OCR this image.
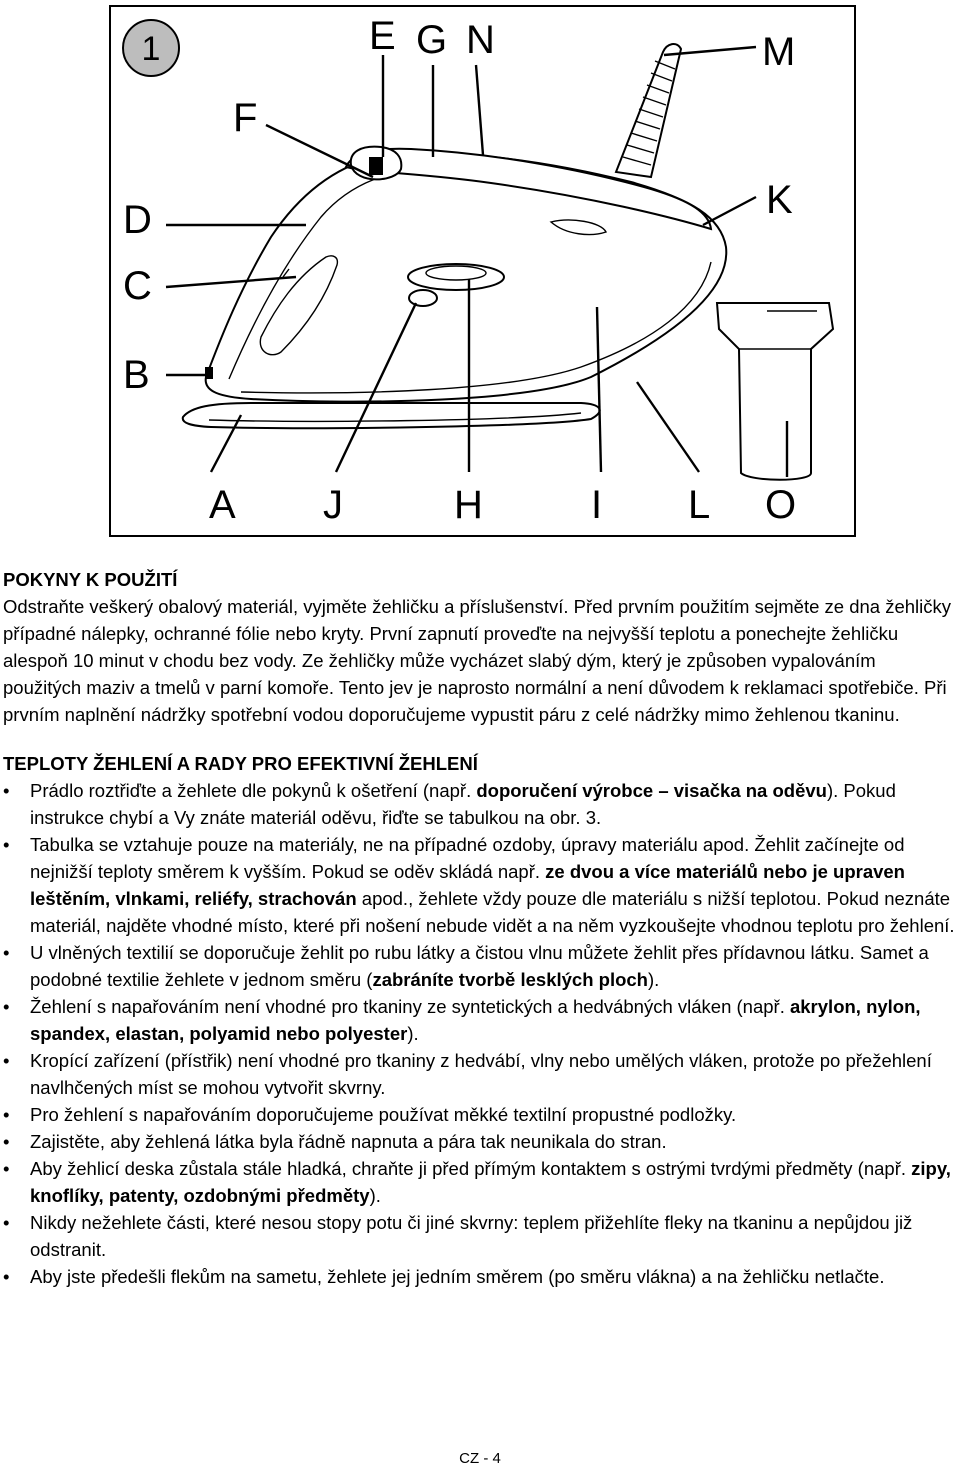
1	E G N	M
F
D	K
C
B
A J	H	I L O
POKYNY K POUŽITÍ

Odstraňte veškerý obalový materiál, vyjměte žehličku a příslušenství. Před prvním použitím sejměte ze dna žehličky případné nálepky, ochranné fólie nebo kryty. První zapnutí proveďte na nejvyšší teplotu a ponechejte žehličku alespoň 10 minut v chodu bez vody. Ze žehličky může vycházet slabý dým, který je způsoben vypalováním použitých maziv a tmelů v parní komoře. Tento jev je naprosto normální a není důvodem k reklamaci spotřebiče. Při prvním naplnění nádržky spotřební vodou doporučujeme vypustit páru z celé nádržky mimo žehlenou tkaninu.

TEPLOTY ŽEHLENÍ A RADY PRO EFEKTIVNÍ ŽEHLENÍ
• Prádlo roztřiďte a žehlete dle pokynů k ošetření (např. doporučení výrobce – visačka na oděvu). Pokud instrukce chybí a Vy znáte materiál oděvu, řiďte se tabulkou na obr. 3.
• Tabulka se vztahuje pouze na materiály, ne na případné ozdoby, úpravy materiálu apod. Žehlit začínejte od nejnižší teploty směrem k vyšším. Pokud se oděv skládá např. ze dvou a více materiálů nebo je upraven leštěním, vlnkami, reliéfy, strachován apod., žehlete vždy pouze dle materiálu s nižší teplotou. Pokud neznáte materiál, najděte vhodné místo, které při nošení nebude vidět a na něm vyzkoušejte vhodnou teplotu pro žehlení.
• U vlněných textilií se doporučuje žehlit po rubu látky a čistou vlnu můžete žehlit přes přídavnou látku. Samet a podobné textilie žehlete v jednom směru (zabráníte tvorbě lesklých ploch).
• Žehlení s napařováním není vhodné pro tkaniny ze syntetických a hedvábných vláken (např. akrylon, nylon, spandex, elastan, polyamid nebo polyester).
• Kropící zařízení (přístřik) není vhodné pro tkaniny z hedvábí, vlny nebo umělých vláken, protože po přežehlení navlhčených míst se mohou vytvořit skvrny.
• Pro žehlení s napařováním doporučujeme používat měkké textilní propustné podložky.
• Zajistěte, aby žehlená látka byla řádně napnuta a pára tak neunikala do stran.
• Aby žehlicí deska zůstala stále hladká, chraňte ji před přímým kontaktem s ostrými tvrdými předměty (např. zipy, knoflíky, patenty, ozdobnými předměty).
• Nikdy nežehlete části, které nesou stopy potu či jiné skvrny: teplem přižehlíte fleky na tkaninu a nepůjdou již odstranit.
• Aby jste předešli flekům na sametu, žehlete jej jedním směrem (po směru vlákna) a na žehličku netlačte.
CZ - 4
